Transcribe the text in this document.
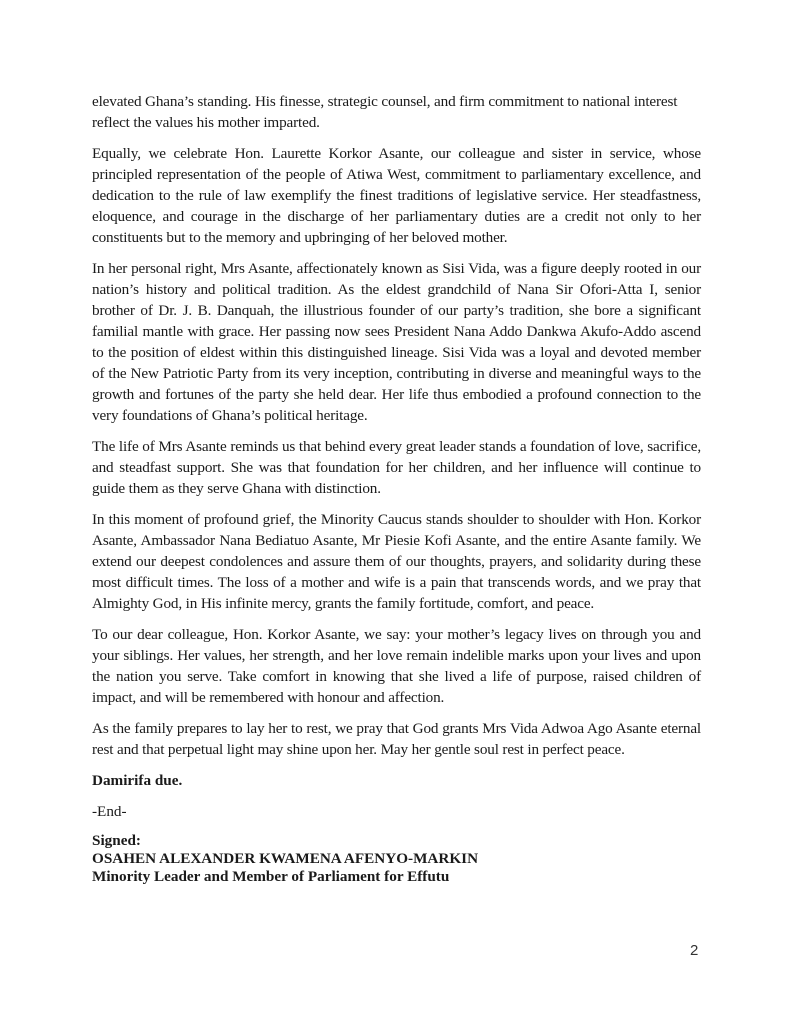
elevated Ghana’s standing. His finesse, strategic counsel, and firm commitment to national interest reflect the values his mother imparted.

Equally, we celebrate Hon. Laurette Korkor Asante, our colleague and sister in service, whose principled representation of the people of Atiwa West, commitment to parliamentary excellence, and dedication to the rule of law exemplify the finest traditions of legislative service. Her steadfastness, eloquence, and courage in the discharge of her parliamentary duties are a credit not only to her constituents but to the memory and upbringing of her beloved mother.

In her personal right, Mrs Asante, affectionately known as Sisi Vida, was a figure deeply rooted in our nation’s history and political tradition. As the eldest grandchild of Nana Sir Ofori-Atta I, senior brother of Dr. J. B. Danquah, the illustrious founder of our party’s tradition, she bore a significant familial mantle with grace. Her passing now sees President Nana Addo Dankwa Akufo-Addo ascend to the position of eldest within this distinguished lineage. Sisi Vida was a loyal and devoted member of the New Patriotic Party from its very inception, contributing in diverse and meaningful ways to the growth and fortunes of the party she held dear. Her life thus embodied a profound connection to the very foundations of Ghana’s political heritage.

The life of Mrs Asante reminds us that behind every great leader stands a foundation of love, sacrifice, and steadfast support. She was that foundation for her children, and her influence will continue to guide them as they serve Ghana with distinction.

In this moment of profound grief, the Minority Caucus stands shoulder to shoulder with Hon. Korkor Asante, Ambassador Nana Bediatuo Asante, Mr Piesie Kofi Asante, and the entire Asante family. We extend our deepest condolences and assure them of our thoughts, prayers, and solidarity during these most difficult times. The loss of a mother and wife is a pain that transcends words, and we pray that Almighty God, in His infinite mercy, grants the family fortitude, comfort, and peace.

To our dear colleague, Hon. Korkor Asante, we say: your mother’s legacy lives on through you and your siblings. Her values, her strength, and her love remain indelible marks upon your lives and upon the nation you serve. Take comfort in knowing that she lived a life of purpose, raised children of impact, and will be remembered with honour and affection.

As the family prepares to lay her to rest, we pray that God grants Mrs Vida Adwoa Ago Asante eternal rest and that perpetual light may shine upon her. May her gentle soul rest in perfect peace.

Damirifa due.

-End-

Signed:
OSAHEN ALEXANDER KWAMENA AFENYO-MARKIN
Minority Leader and Member of Parliament for Effutu
2
